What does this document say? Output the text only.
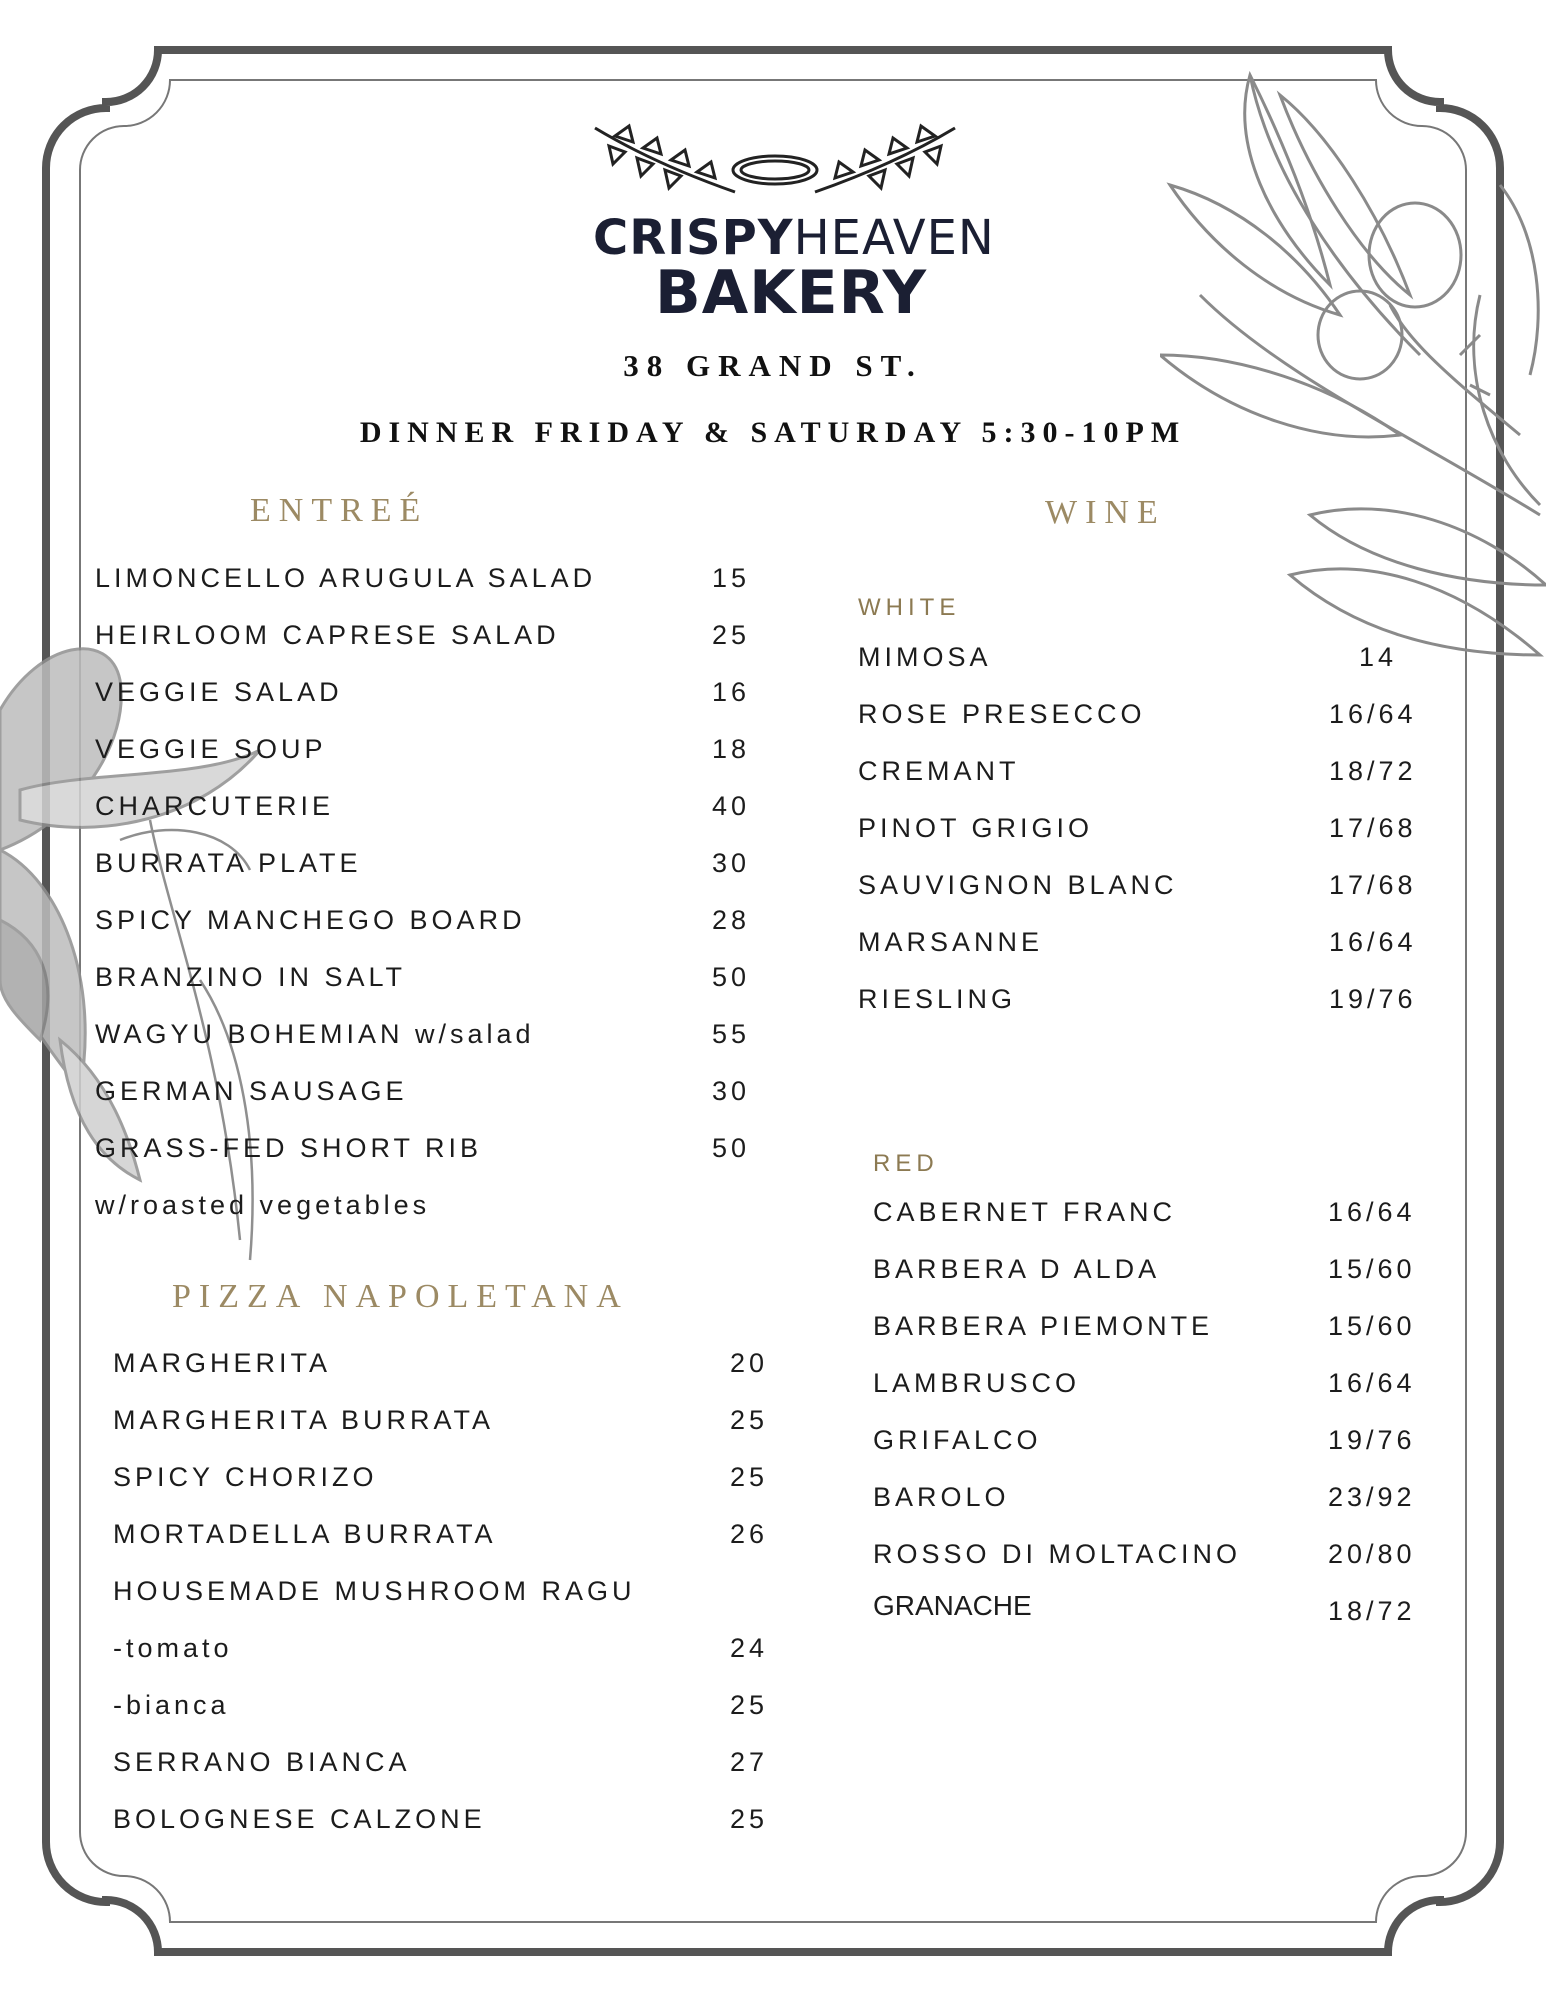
CRISPYHEAVEN
BAKERY
38 GRAND ST.
DINNER FRIDAY & SATURDAY 5:30-10PM
ENTREÉ	WINE
PIZZA NAPOLETANA
WHITE
RED
LIMONCELLO ARUGULA SALAD	15
HEIRLOOM CAPRESE SALAD	25
VEGGIE SALAD	16
VEGGIE SOUP	18
CHARCUTERIE	40
BURRATA PLATE	30
SPICY MANCHEGO BOARD	28
BRANZINO IN SALT	50
WAGYU BOHEMIAN w/salad	55
GERMAN SAUSAGE	30
GRASS-FED SHORT RIB	50
w/roasted vegetables
MARGHERITA	20
MARGHERITA BURRATA	25
SPICY CHORIZO	25
MORTADELLA BURRATA	26
HOUSEMADE MUSHROOM RAGU
-tomato	24
-bianca	25
SERRANO BIANCA	27
BOLOGNESE CALZONE	25
MIMOSA	14
ROSE PRESECCO	16/64
CREMANT	18/72
PINOT GRIGIO	17/68
SAUVIGNON BLANC	17/68
MARSANNE	16/64
RIESLING	19/76
CABERNET FRANC	16/64
BARBERA D ALDA	15/60
BARBERA PIEMONTE	15/60
LAMBRUSCO	16/64
GRIFALCO	19/76
BAROLO	23/92
ROSSO DI MOLTACINO	20/80
GRANACHE	18/72
